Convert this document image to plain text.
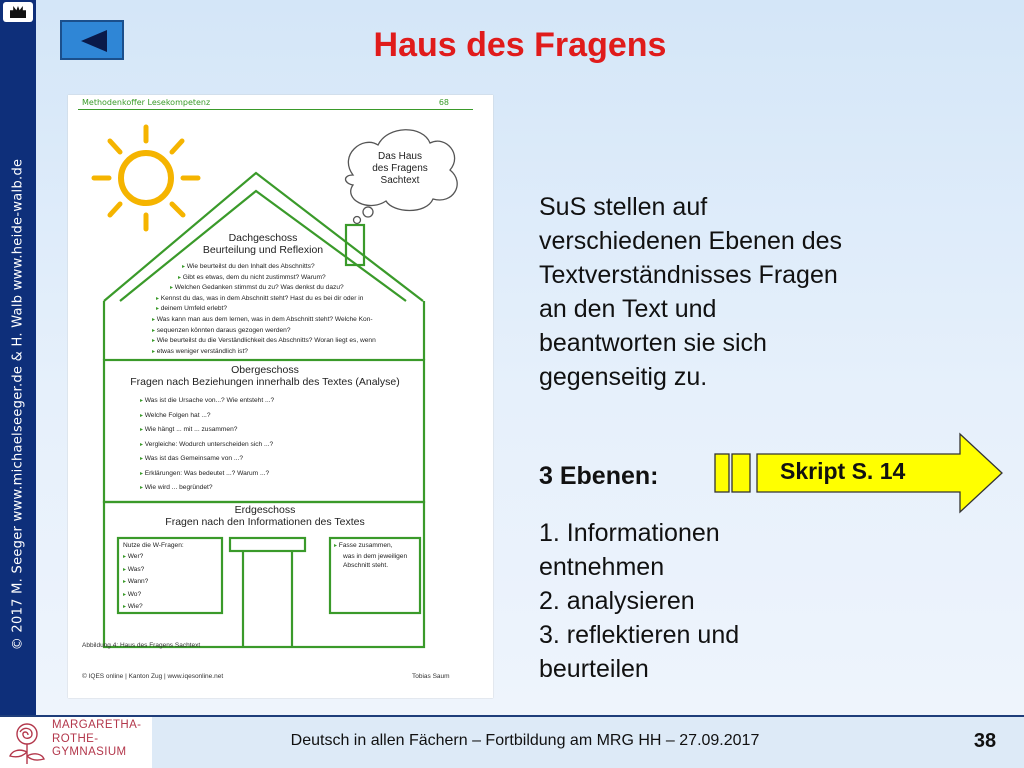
© 2017 M. Seeger www.michaelseeger.de & H. Walb www.heide-walb.de
Haus des Fragens
Methodenkoffer Lesekompetenz	68
Das Haus
des Fragens
Sachtext
Dachgeschoss
Beurteilung und Reflexion
▸ Wie beurteilst du den Inhalt des Abschnitts?
▸ Gibt es etwas, dem du nicht zustimmst? Warum?
▸ Welchen Gedanken stimmst du zu? Was denkst du dazu?
▸ Kennst du das, was in dem Abschnitt steht? Hast du es bei dir oder in
▸ deinem Umfeld erlebt?
▸ Was kann man aus dem lernen, was in dem Abschnitt steht? Welche Kon-
▸ sequenzen könnten daraus gezogen werden?
▸ Wie beurteilst du die Verständlichkeit des Abschnitts? Woran liegt es, wenn
▸ etwas weniger verständlich ist?
Obergeschoss
Fragen nach Beziehungen innerhalb des Textes (Analyse)
▸ Was ist die Ursache von...? Wie entsteht ...?
▸ Welche Folgen hat ...?
▸ Wie hängt ... mit ... zusammen?
▸ Vergleiche: Wodurch unterscheiden sich ...?
▸ Was ist das Gemeinsame von ...?
▸ Erklärungen: Was bedeutet ...? Warum ...?
▸ Wie wird ... begründet?
Erdgeschoss
Fragen nach den Informationen des Textes
Nutze die W-Fragen:
▸ Wer?
▸ Was?
▸ Wann?
▸ Wo?
▸ Wie?
▸ Fasse zusammen,
was in dem jeweiligen
Abschnitt steht.
Abbildung 4: Haus des Fragens Sachtext
© IQES online | Kanton Zug | www.iqesonline.net	Tobias Saum
SuS stellen auf
verschiedenen Ebenen des
Textverständnisses Fragen
an den Text und
beantworten sie sich
gegenseitig zu.
3 Ebenen:
1. Informationen
entnehmen
2. analysieren
3. reflektieren und
beurteilen
Skript S. 14
MARGARETHA-
ROTHE-
GYMNASIUM
Deutsch in allen Fächern – Fortbildung am MRG HH – 27.09.2017	38
